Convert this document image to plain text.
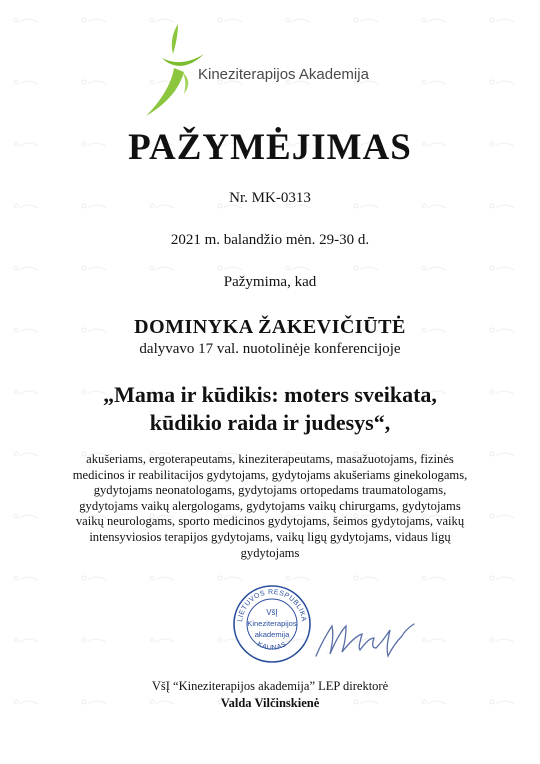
Kineziterapijos Akademija
PAŽYMĖJIMAS
Nr. MK-0313
2021 m. balandžio mėn. 29-30 d.
Pažymima, kad
DOMINYKA ŽAKEVIČIŪTĖ
dalyvavo 17 val. nuotolinėje konferencijoje
„Mama ir kūdikis: moters sveikata,
kūdikio raida ir judesys“,
akušeriams, ergoterapeutams, kineziterapeutams, masažuotojams, fizinės
medicinos ir reabilitacijos gydytojams, gydytojams akušeriams ginekologams,
gydytojams neonatologams, gydytojams ortopedams traumatologams,
gydytojams vaikų alergologams, gydytojams vaikų chirurgams, gydytojams
vaikų neurologams, sporto medicinos gydytojams, šeimos gydytojams, vaikų
intensyviosios terapijos gydytojams, vaikų ligų gydytojams, vidaus ligų
gydytojams
LIETUVOS RESPUBLIKA
KAUNAS
VšĮ
Kineziterapijos
akademija
VšĮ “Kineziterapijos akademija” LEP direktorė
Valda Vilčinskienė
